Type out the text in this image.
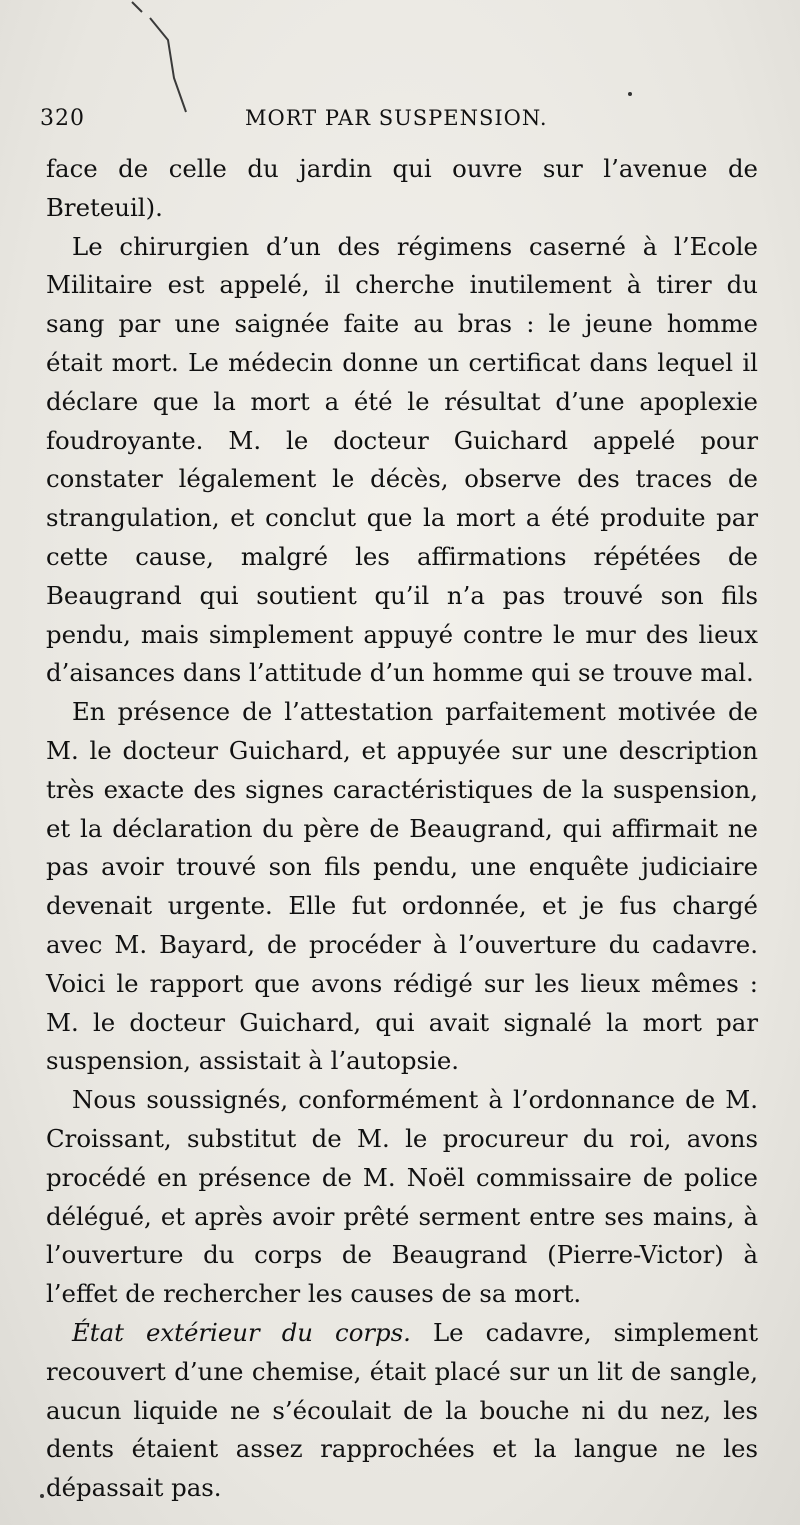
320	MORT PAR SUSPENSION.

face de celle du jardin qui ouvre sur l’avenue de Breteuil).

Le chirurgien d’un des régimens caserné à l’Ecole Militaire est appelé, il cherche inutilement à tirer du sang par une saignée faite au bras : le jeune homme était mort. Le médecin donne un certificat dans lequel il déclare que la mort a été le résultat d’une apoplexie foudroyante. M. le docteur Guichard appelé pour constater légalement le décès, observe des traces de strangulation, et conclut que la mort a été produite par cette cause, malgré les affirmations répétées de Beaugrand qui soutient qu’il n’a pas trouvé son fils pendu, mais simplement appuyé contre le mur des lieux d’aisances dans l’attitude d’un homme qui se trouve mal.

En présence de l’attestation parfaitement motivée de M. le docteur Guichard, et appuyée sur une description très exacte des signes caractéristiques de la suspension, et la déclaration du père de Beaugrand, qui affirmait ne pas avoir trouvé son fils pendu, une enquête judiciaire devenait urgente. Elle fut ordonnée, et je fus chargé avec M. Bayard, de procéder à l’ouverture du cadavre. Voici le rapport que avons rédigé sur les lieux mêmes : M. le docteur Guichard, qui avait signalé la mort par suspension, assistait à l’autopsie.

Nous soussignés, conformément à l’ordonnance de M. Croissant, substitut de M. le procureur du roi, avons procédé en présence de M. Noël commissaire de police délégué, et après avoir prêté serment entre ses mains, à l’ouverture du corps de Beaugrand (Pierre-Victor) à l’effet de rechercher les causes de sa mort.

État extérieur du corps. Le cadavre, simplement recouvert d’une chemise, était placé sur un lit de sangle, aucun liquide ne s’écoulait de la bouche ni du nez, les dents étaient assez rapprochées et la langue ne les dépassait pas.
